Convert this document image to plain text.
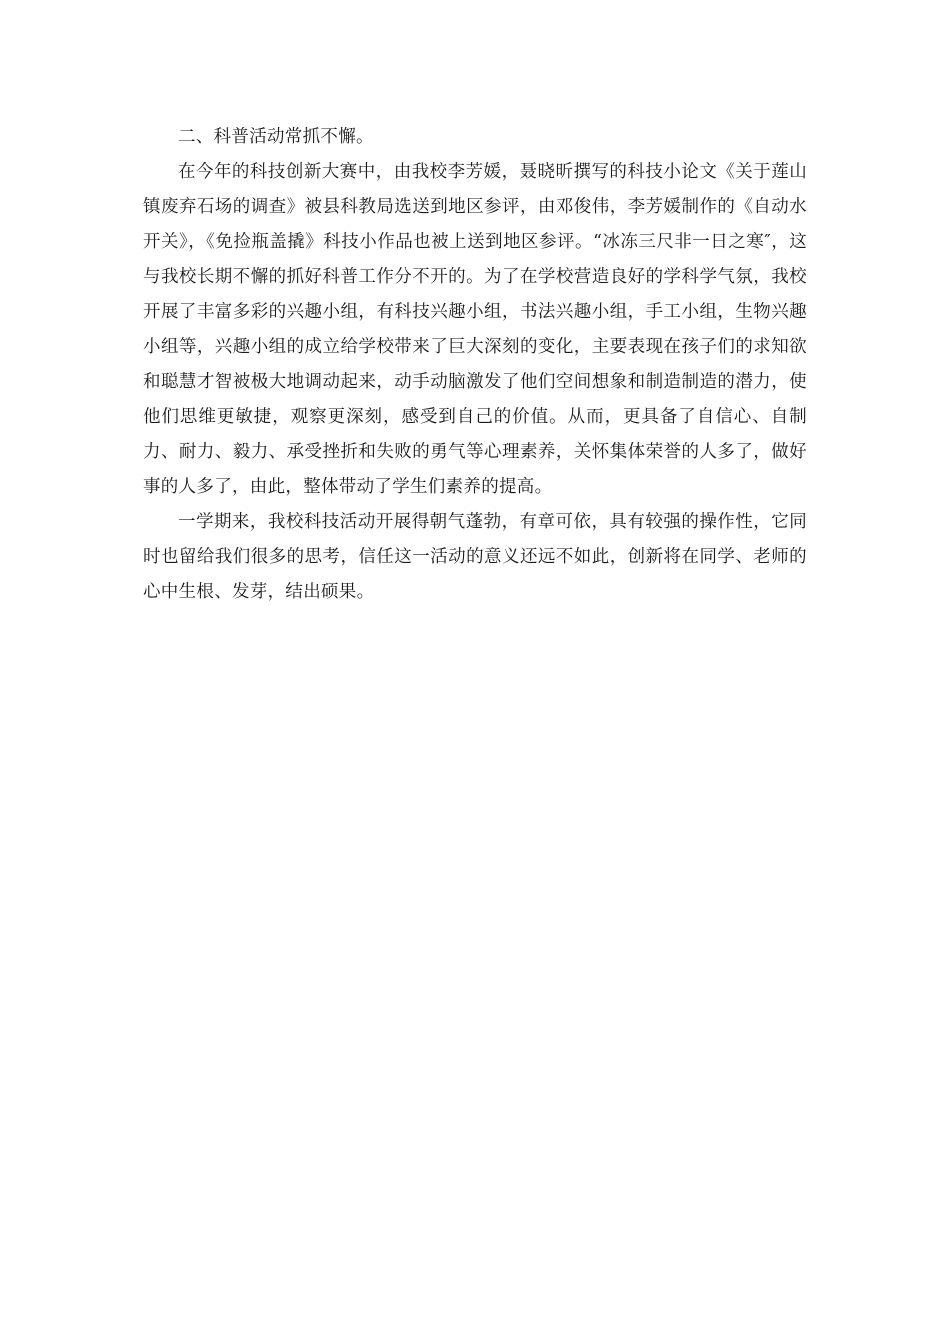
二、科普活动常抓不懈。

在今年的科技创新大赛中，由我校李芳媛，聂晓昕撰写的科技小论文《关于莲山镇废弃石场的调查》被县科教局选送到地区参评，由邓俊伟，李芳媛制作的《自动水开关》，《免捡瓶盖撬》科技小作品也被上送到地区参评。“冰冻三尺非一日之寒″，这与我校长期不懈的抓好科普工作分不开的。为了在学校营造良好的学科学气氛，我校开展了丰富多彩的兴趣小组，有科技兴趣小组，书法兴趣小组，手工小组，生物兴趣小组等，兴趣小组的成立给学校带来了巨大深刻的变化，主要表现在孩子们的求知欲和聪慧才智被极大地调动起来，动手动脑激发了他们空间想象和制造制造的潜力，使他们思维更敏捷，观察更深刻，感受到自己的价值。从而，更具备了自信心、自制力、耐力、毅力、承受挫折和失败的勇气等心理素养，关怀集体荣誉的人多了，做好事的人多了，由此，整体带动了学生们素养的提高。

一学期来，我校科技活动开展得朝气蓬勃，有章可依，具有较强的操作性，它同时也留给我们很多的思考，信任这一活动的意义还远不如此，创新将在同学、老师的心中生根、发芽，结出硕果。
